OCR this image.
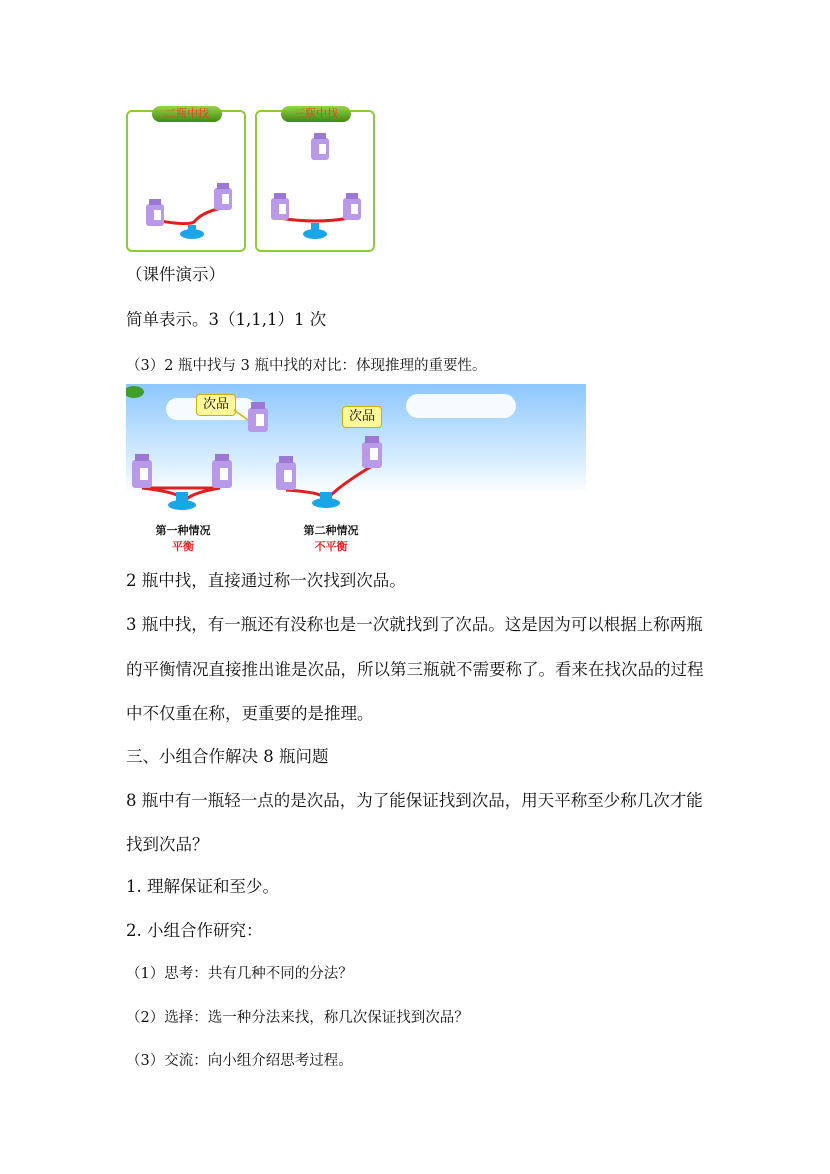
二瓶中找	三瓶中找
（课件演示）
简单表示。3（1,1,1）1 次
（3）2 瓶中找与 3 瓶中找的对比：体现推理的重要性。
次品
次品
第一种情况
平衡
第二种情况
不平衡
2 瓶中找，直接通过称一次找到次品。
3 瓶中找，有一瓶还有没称也是一次就找到了次品。这是因为可以根据上称两瓶
的平衡情况直接推出谁是次品，所以第三瓶就不需要称了。看来在找次品的过程
中不仅重在称，更重要的是推理。
三、小组合作解决 8 瓶问题
8 瓶中有一瓶轻一点的是次品，为了能保证找到次品，用天平称至少称几次才能
找到次品？
1. 理解保证和至少。
2. 小组合作研究：
（1）思考：共有几种不同的分法？
（2）选择：选一种分法来找，称几次保证找到次品？
（3）交流：向小组介绍思考过程。
